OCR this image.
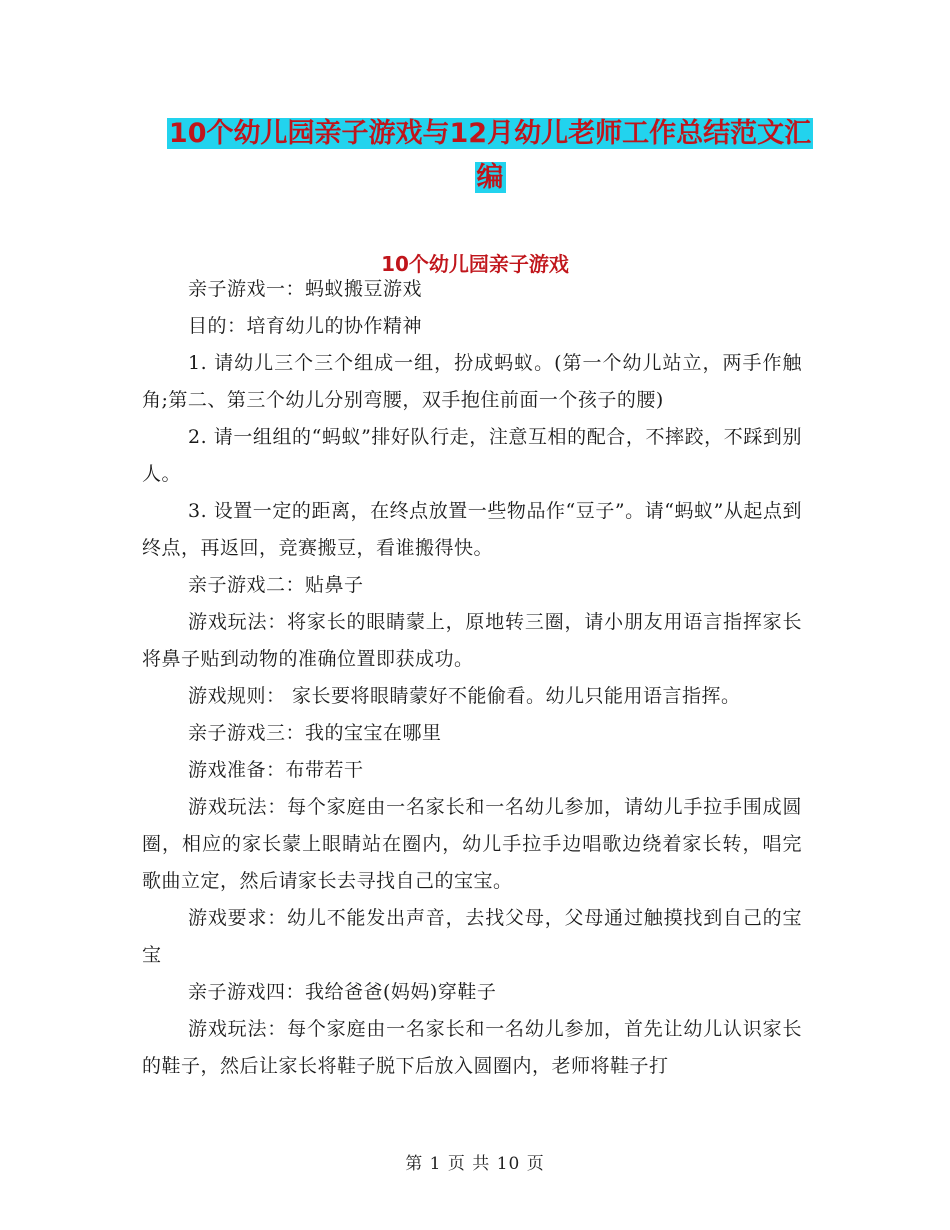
10个幼儿园亲子游戏与12月幼儿老师工作总结范文汇
编
10个幼儿园亲子游戏

亲子游戏一：蚂蚁搬豆游戏

目的：培育幼儿的协作精神

1. 请幼儿三个三个组成一组，扮成蚂蚁。(第一个幼儿站立，两手作触角;第二、第三个幼儿分别弯腰，双手抱住前面一个孩子的腰)

2. 请一组组的“蚂蚁”排好队行走，注意互相的配合，不摔跤，不踩到别人。

3. 设置一定的距离，在终点放置一些物品作“豆子”。请“蚂蚁”从起点到终点，再返回，竞赛搬豆，看谁搬得快。

亲子游戏二：贴鼻子

游戏玩法：将家长的眼睛蒙上，原地转三圈，请小朋友用语言指挥家长将鼻子贴到动物的准确位置即获成功。

游戏规则： 家长要将眼睛蒙好不能偷看。幼儿只能用语言指挥。

亲子游戏三：我的宝宝在哪里

游戏准备：布带若干

游戏玩法：每个家庭由一名家长和一名幼儿参加，请幼儿手拉手围成圆圈，相应的家长蒙上眼睛站在圈内，幼儿手拉手边唱歌边绕着家长转，唱完歌曲立定，然后请家长去寻找自己的宝宝。

游戏要求：幼儿不能发出声音，去找父母，父母通过触摸找到自己的宝宝

亲子游戏四：我给爸爸(妈妈)穿鞋子

游戏玩法：每个家庭由一名家长和一名幼儿参加，首先让幼儿认识家长的鞋子，然后让家长将鞋子脱下后放入圆圈内，老师将鞋子打

第 1 页 共 10 页
